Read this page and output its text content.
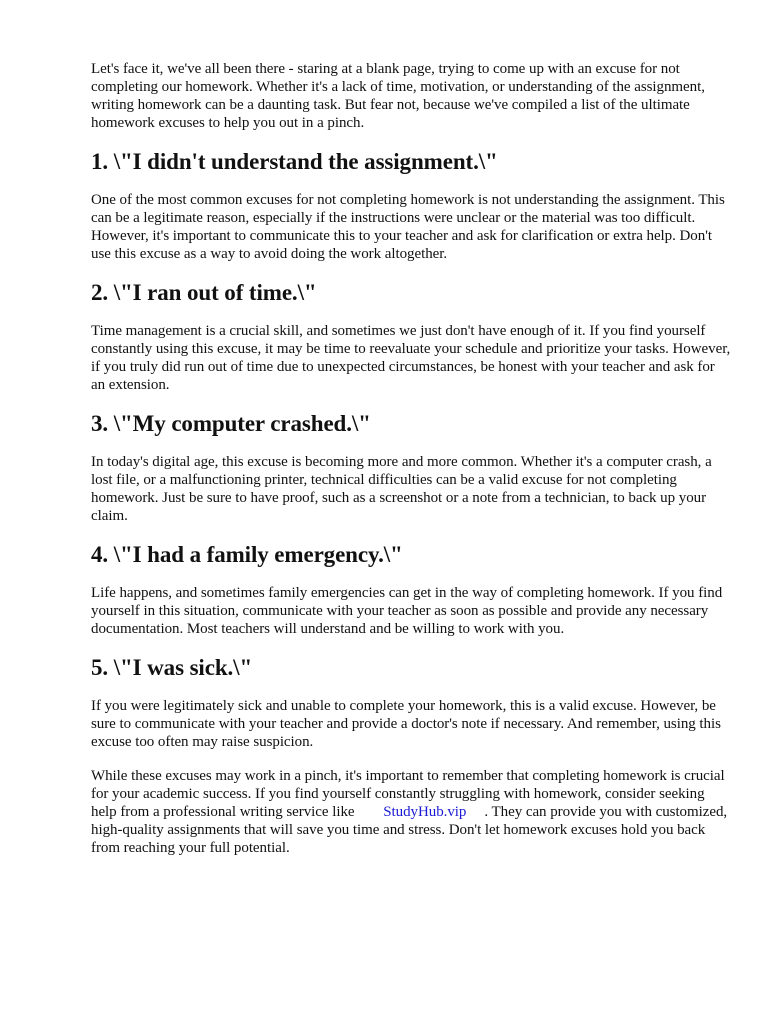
Let's face it, we've all been there - staring at a blank page, trying to come up with an excuse for not completing our homework. Whether it's a lack of time, motivation, or understanding of the assignment, writing homework can be a daunting task. But fear not, because we've compiled a list of the ultimate homework excuses to help you out in a pinch.

1. \"I didn't understand the assignment.\"

One of the most common excuses for not completing homework is not understanding the assignment. This can be a legitimate reason, especially if the instructions were unclear or the material was too difficult. However, it's important to communicate this to your teacher and ask for clarification or extra help. Don't use this excuse as a way to avoid doing the work altogether.

2. \"I ran out of time.\"

Time management is a crucial skill, and sometimes we just don't have enough of it. If you find yourself constantly using this excuse, it may be time to reevaluate your schedule and prioritize your tasks. However, if you truly did run out of time due to unexpected circumstances, be honest with your teacher and ask for an extension.

3. \"My computer crashed.\"

In today's digital age, this excuse is becoming more and more common. Whether it's a computer crash, a lost file, or a malfunctioning printer, technical difficulties can be a valid excuse for not completing homework. Just be sure to have proof, such as a screenshot or a note from a technician, to back up your claim.

4. \"I had a family emergency.\"

Life happens, and sometimes family emergencies can get in the way of completing homework. If you find yourself in this situation, communicate with your teacher as soon as possible and provide any necessary documentation. Most teachers will understand and be willing to work with you.

5. \"I was sick.\"

If you were legitimately sick and unable to complete your homework, this is a valid excuse. However, be sure to communicate with your teacher and provide a doctor's note if necessary. And remember, using this excuse too often may raise suspicion.

While these excuses may work in a pinch, it's important to remember that completing homework is crucial for your academic success. If you find yourself constantly struggling with homework, consider seeking help from a professional writing service like StudyHub.vip . They can provide you with customized, high-quality assignments that will save you time and stress. Don't let homework excuses hold you back from reaching your full potential.
